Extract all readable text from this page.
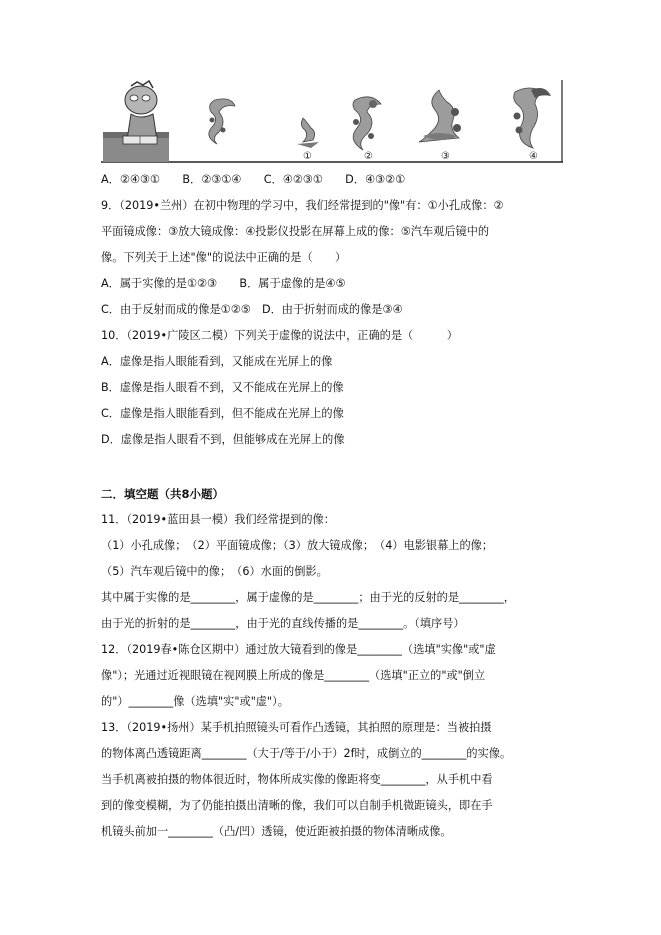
①	②	③	④
A．②④③①　　B．②③①④　　C．④②③①　　D．④③②①
9．（2019•兰州）在初中物理的学习中，我们经常提到的"像"有：①小孔成像：②
平面镜成像：③放大镜成像：④投影仪投影在屏幕上成的像：⑤汽车观后镜中的
像。下列关于上述"像"的说法中正确的是（　　）
A．属于实像的是①②③　　B．属于虚像的是④⑤
C．由于反射而成的像是①②⑤　D．由于折射而成的像是③④
10．（2019•广陵区二模）下列关于虚像的说法中，正确的是（　　　）
A．虚像是指人眼能看到，又能成在光屏上的像
B．虚像是指人眼看不到，又不能成在光屏上的像
C．虚像是指人眼能看到，但不能成在光屏上的像
D．虚像是指人眼看不到，但能够成在光屏上的像
二．填空题（共8小题）
11．（2019•蓝田县一模）我们经常提到的像：
（1）小孔成像；　（2）平面镜成像；（3）放大镜成像；　（4）电影银幕上的像；
（5）汽车观后镜中的像；　（6）水面的倒影。
其中属于实像的是________，属于虚像的是________；由于光的反射的是________，
由于光的折射的是________，由于光的直线传播的是________。（填序号）
12．（2019春•陈仓区期中）通过放大镜看到的像是________（选填"实像"或"虚
像"）；光通过近视眼镜在视网膜上所成的像是________（选填"正立的"或"倒立
的"）________像（选填"实"或"虚"）。
13．（2019•扬州）某手机拍照镜头可看作凸透镜，其拍照的原理是：当被拍摄
的物体离凸透镜距离________（大于/等于/小于）2f时，成倒立的________的实像。
当手机离被拍摄的物体很近时，物体所成实像的像距将变________，从手机中看
到的像变模糊，为了仍能拍摄出清晰的像，我们可以自制手机微距镜头，即在手
机镜头前加一________（凸/凹）透镜，使近距被拍摄的物体清晰成像。
